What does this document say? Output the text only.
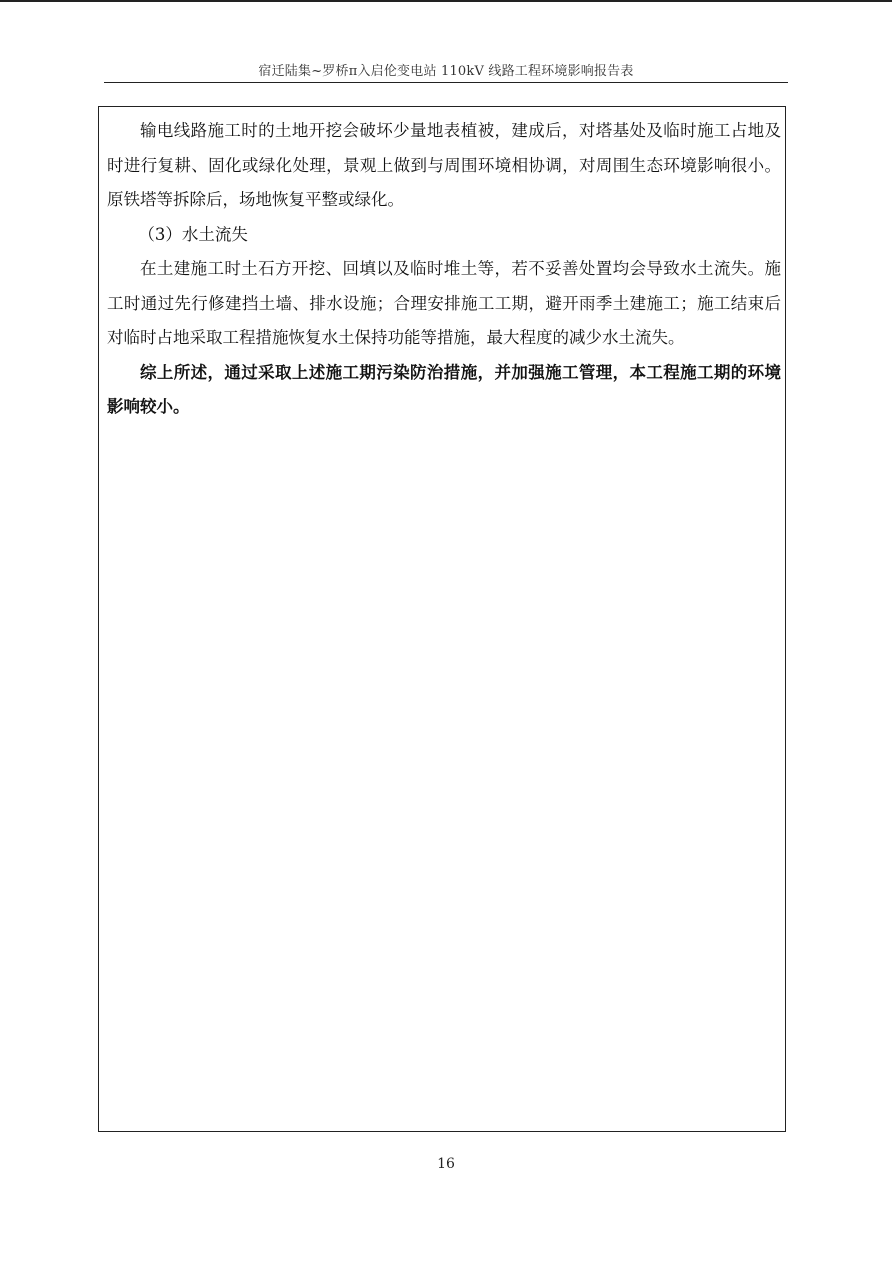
宿迁陆集~罗桥π入启伦变电站 110kV 线路工程环境影响报告表

输电线路施工时的土地开挖会破坏少量地表植被，建成后，对塔基处及临时施工占地及时进行复耕、固化或绿化处理，景观上做到与周围环境相协调，对周围生态环境影响很小。原铁塔等拆除后，场地恢复平整或绿化。

（3）水土流失

在土建施工时土石方开挖、回填以及临时堆土等，若不妥善处置均会导致水土流失。施工时通过先行修建挡土墙、排水设施；合理安排施工工期，避开雨季土建施工；施工结束后对临时占地采取工程措施恢复水土保持功能等措施，最大程度的减少水土流失。

综上所述，通过采取上述施工期污染防治措施，并加强施工管理，本工程施工期的环境影响较小。

16
